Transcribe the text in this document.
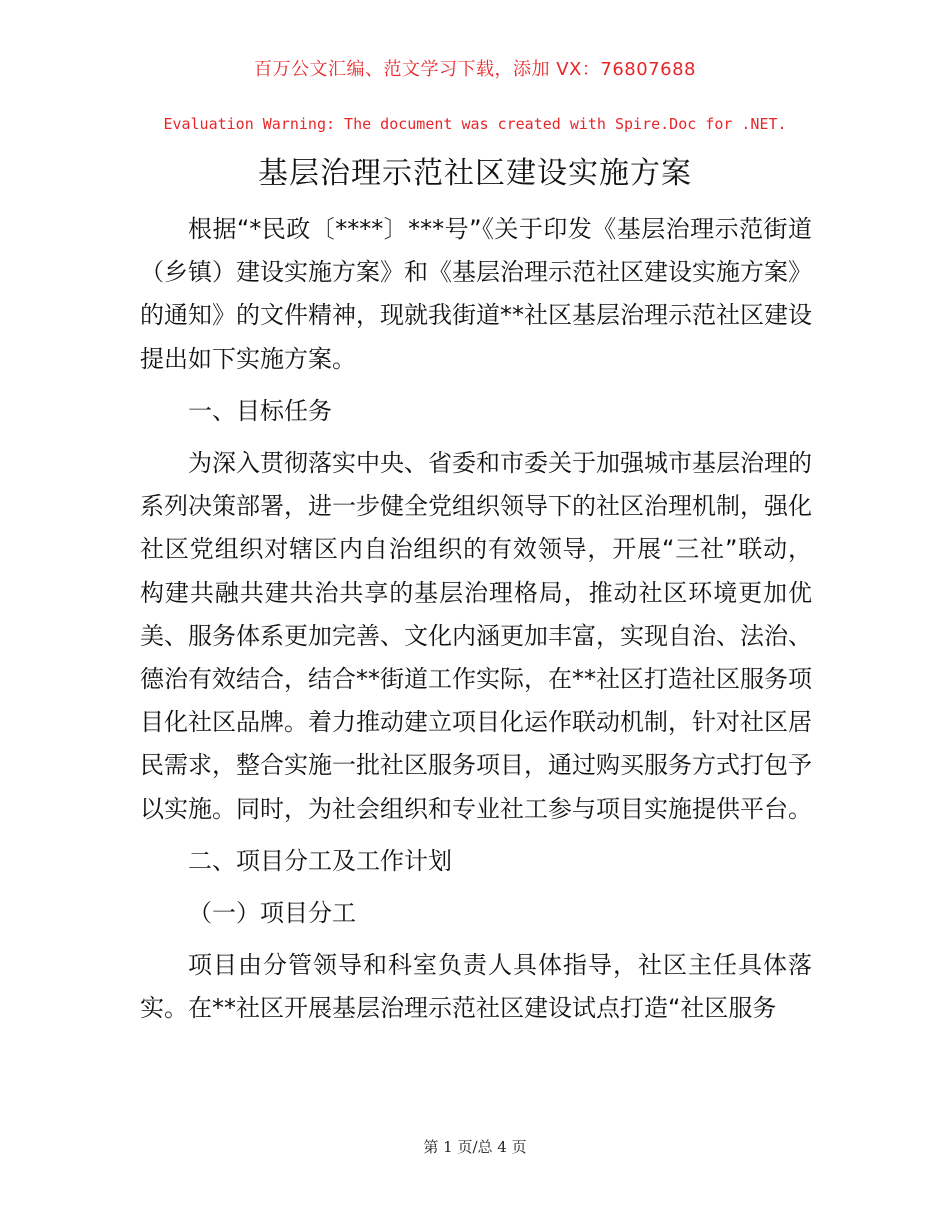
百万公文汇编、范文学习下载，添加 VX：76807688
Evaluation Warning: The document was created with Spire.Doc for .NET.
基层治理示范社区建设实施方案

根据“*民政〔****〕***号”《关于印发《基层治理示范街道（乡镇）建设实施方案》和《基层治理示范社区建设实施方案》的通知》的文件精神，现就我街道**社区基层治理示范社区建设提出如下实施方案。

一、目标任务

为深入贯彻落实中央、省委和市委关于加强城市基层治理的系列决策部署，进一步健全党组织领导下的社区治理机制，强化社区党组织对辖区内自治组织的有效领导，开展“三社”联动，构建共融共建共治共享的基层治理格局，推动社区环境更加优美、服务体系更加完善、文化内涵更加丰富，实现自治、法治、德治有效结合，结合**街道工作实际，在**社区打造社区服务项目化社区品牌。着力推动建立项目化运作联动机制，针对社区居民需求，整合实施一批社区服务项目，通过购买服务方式打包予以实施。同时，为社会组织和专业社工参与项目实施提供平台。

二、项目分工及工作计划

（一）项目分工

项目由分管领导和科室负责人具体指导，社区主任具体落实。在**社区开展基层治理示范社区建设试点打造“社区服务

第 1 页/总 4 页
